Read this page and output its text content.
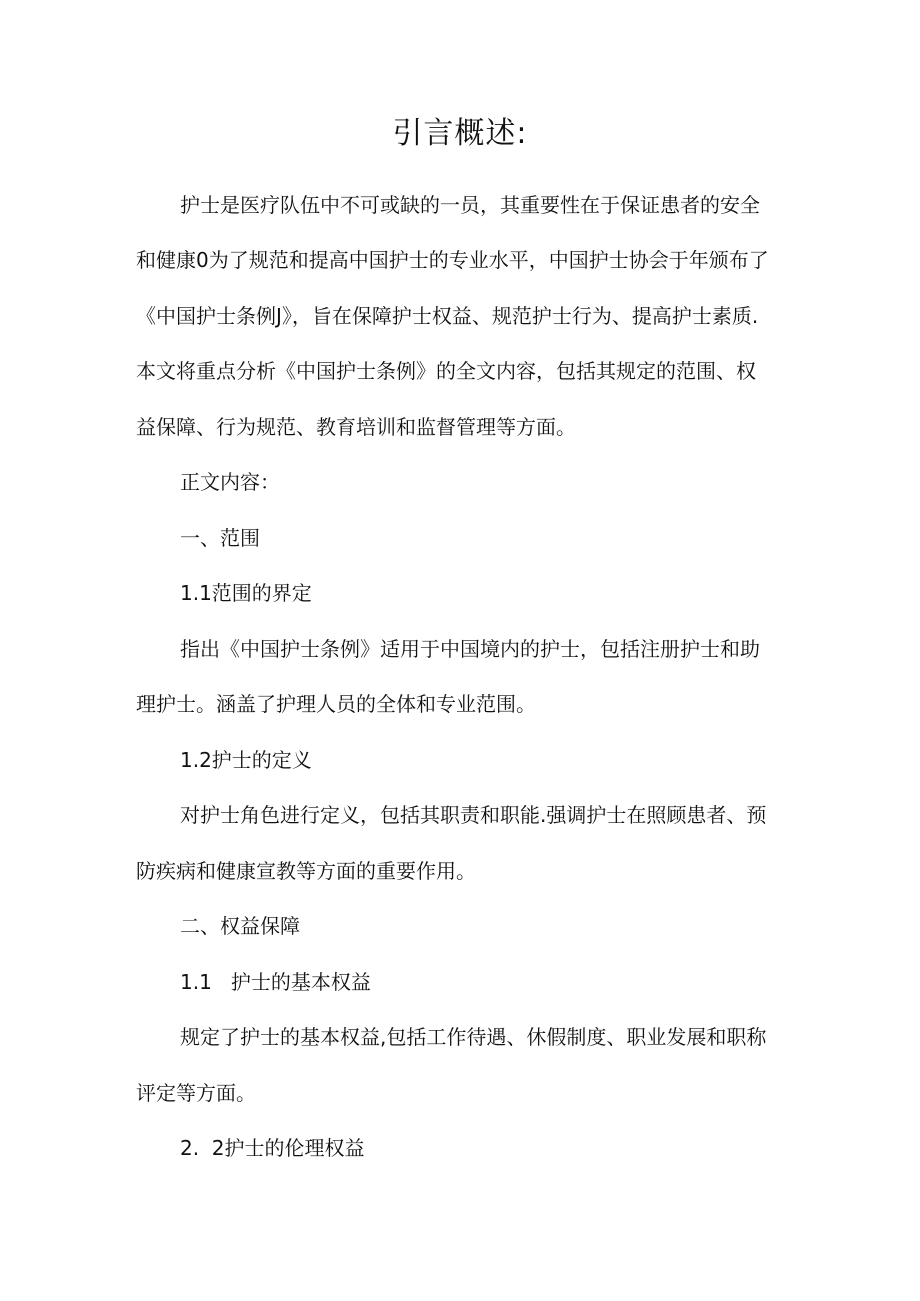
引言概述:

护士是医疗队伍中不可或缺的一员，其重要性在于保证患者的安全

和健康0为了规范和提高中国护士的专业水平，中国护士协会于年颁布了

《中国护士条例J》，旨在保障护士权益、规范护士行为、提高护士素质.

本文将重点分析《中国护士条例》的全文内容，包括其规定的范围、权

益保障、行为规范、教育培训和监督管理等方面。

正文内容：

一、范围

1.1范围的界定

指出《中国护士条例》适用于中国境内的护士，包括注册护士和助

理护士。涵盖了护理人员的全体和专业范围。

1.2护士的定义

对护士角色进行定义，包括其职责和职能.强调护士在照顾患者、预

防疾病和健康宣教等方面的重要作用。

二、权益保障

1.1   护士的基本权益

规定了护士的基本权益,包括工作待遇、休假制度、职业发展和职称

评定等方面。

2.  2护士的伦理权益
